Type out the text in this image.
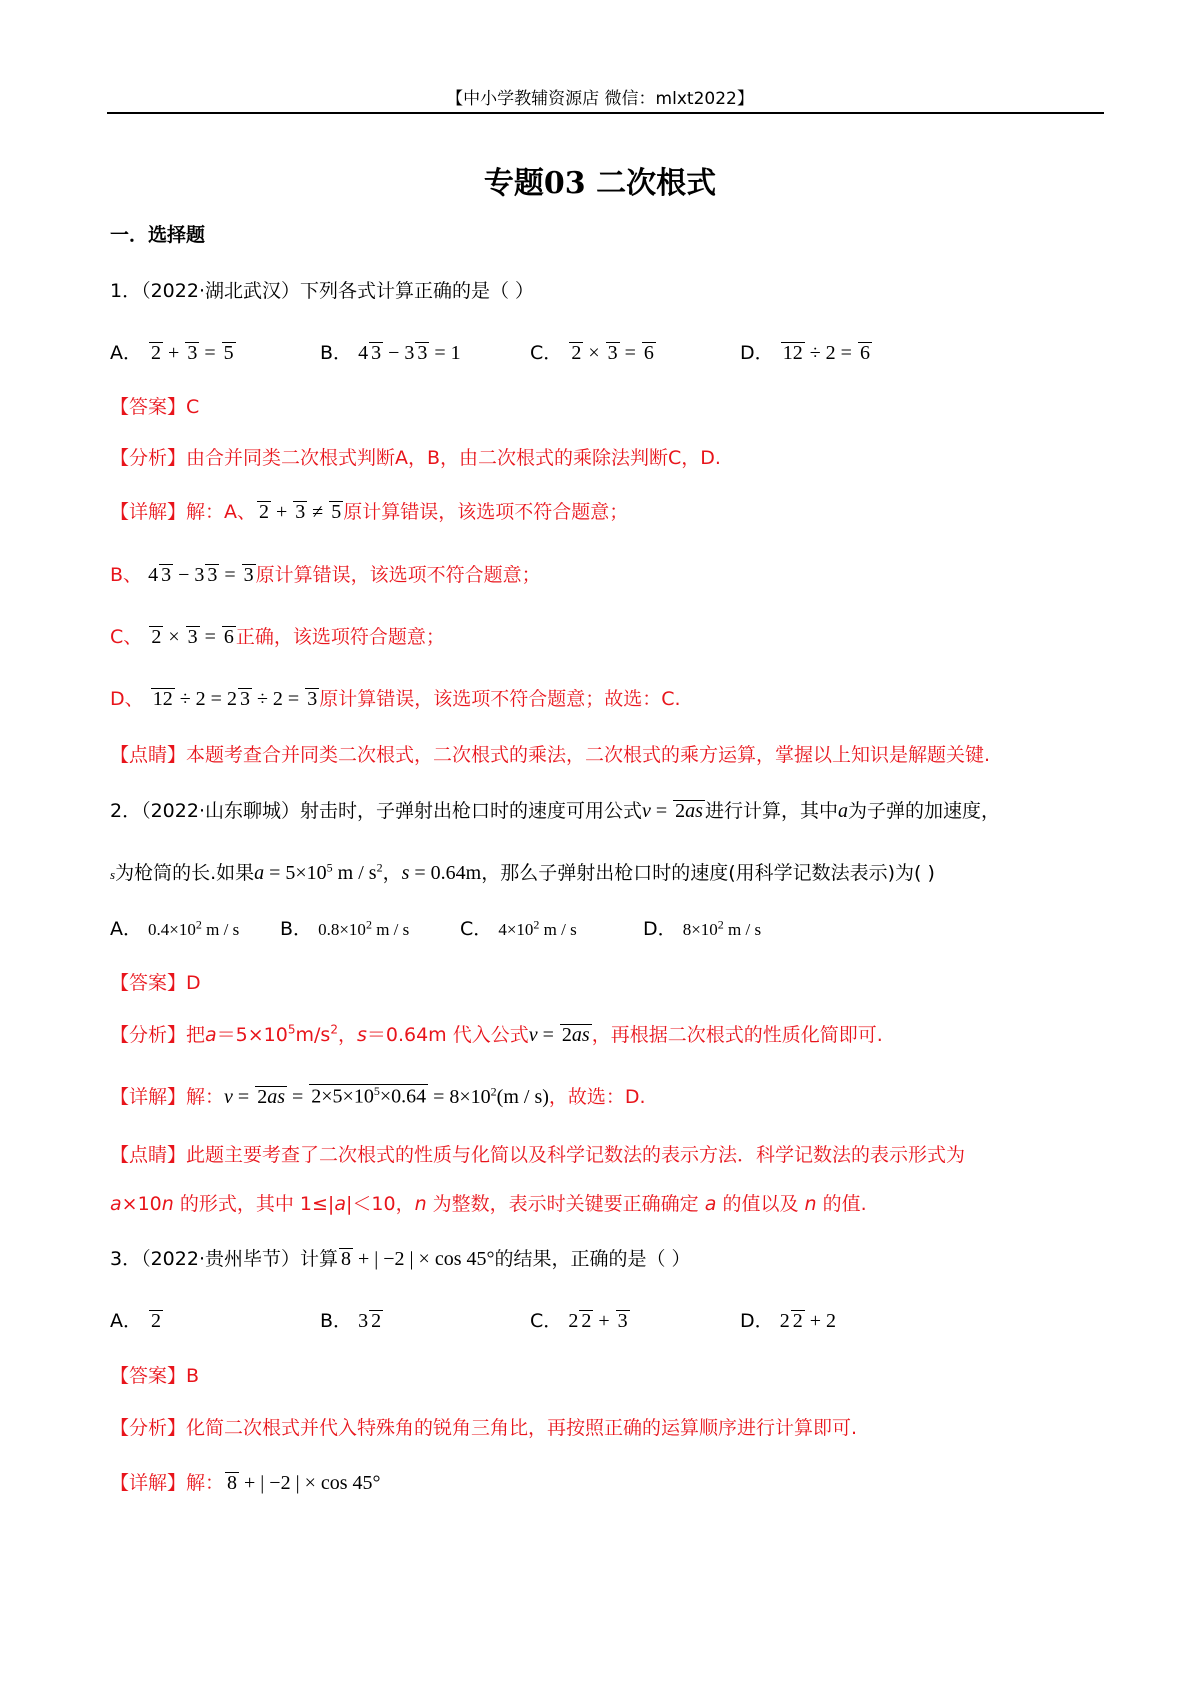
【中小学教辅资源店 微信：mlxt2022】
专题03 二次根式
一．选择题
1．（2022·湖北武汉）下列各式计算正确的是（ ）
A． 2 + 3 = 5	B． 4 3 − 3 3 = 1	C． 2 × 3 = 6	D． 12 ÷ 2 = 6
【答案】C
【分析】由合并同类二次根式判断A，B，由二次根式的乘除法判断C，D.
【详解】解：A、 2 + 3 ≠ 5 原计算错误，该选项不符合题意；
B、 4 3 − 3 3 = 3 原计算错误，该选项不符合题意；
C、 2 × 3 = 6 正确，该选项符合题意；
D、 12 ÷ 2 = 2 3 ÷ 2 = 3 原计算错误，该选项不符合题意；故选：C.
【点睛】本题考查合并同类二次根式，二次根式的乘法，二次根式的乘方运算，掌握以上知识是解题关键.
2．（2022·山东聊城）射击时，子弹射出枪口时的速度可用公式v = 2as 进行计算，其中a为子弹的加速度，
s为枪筒的长.如果$a = 5\times 10^5$ m / $s^2$，s = 0.64m，那么子弹射出枪口时的速度(用科学记数法表示)为( )
A． $0.4\times 10^2$ m / s B． $0.8\times 10^2$ m / s	C． $4\times 10^2$ m / s	D． $8\times 10^2$ m / s
【答案】D
【分析】把$a=5\times 10^5m/s^2$，s＝0.64m 代入公式v = 2as ，再根据二次根式的性质化简即可.
【详解】解：$v = 2as = 2\times 5\times 10^5\times 0.64 = 8\times 10^2(m / s)$，故选：D.
【点睛】此题主要考查了二次根式的性质与化简以及科学记数法的表示方法．科学记数法的表示形式为
a×10n 的形式，其中 1≤|a|＜10，n 为整数，表示时关键要正确确定 a 的值以及 n 的值.
3．（2022·贵州毕节）计算 8 + | −2 | × cos 45°的结果，正确的是（ ）
A． 2	B． 3 2	C． 2 2 + 3	D． 2 2 + 2
【答案】B
【分析】化简二次根式并代入特殊角的锐角三角比，再按照正确的运算顺序进行计算即可.
【详解】解： 8 + | −2 | × cos 45°
